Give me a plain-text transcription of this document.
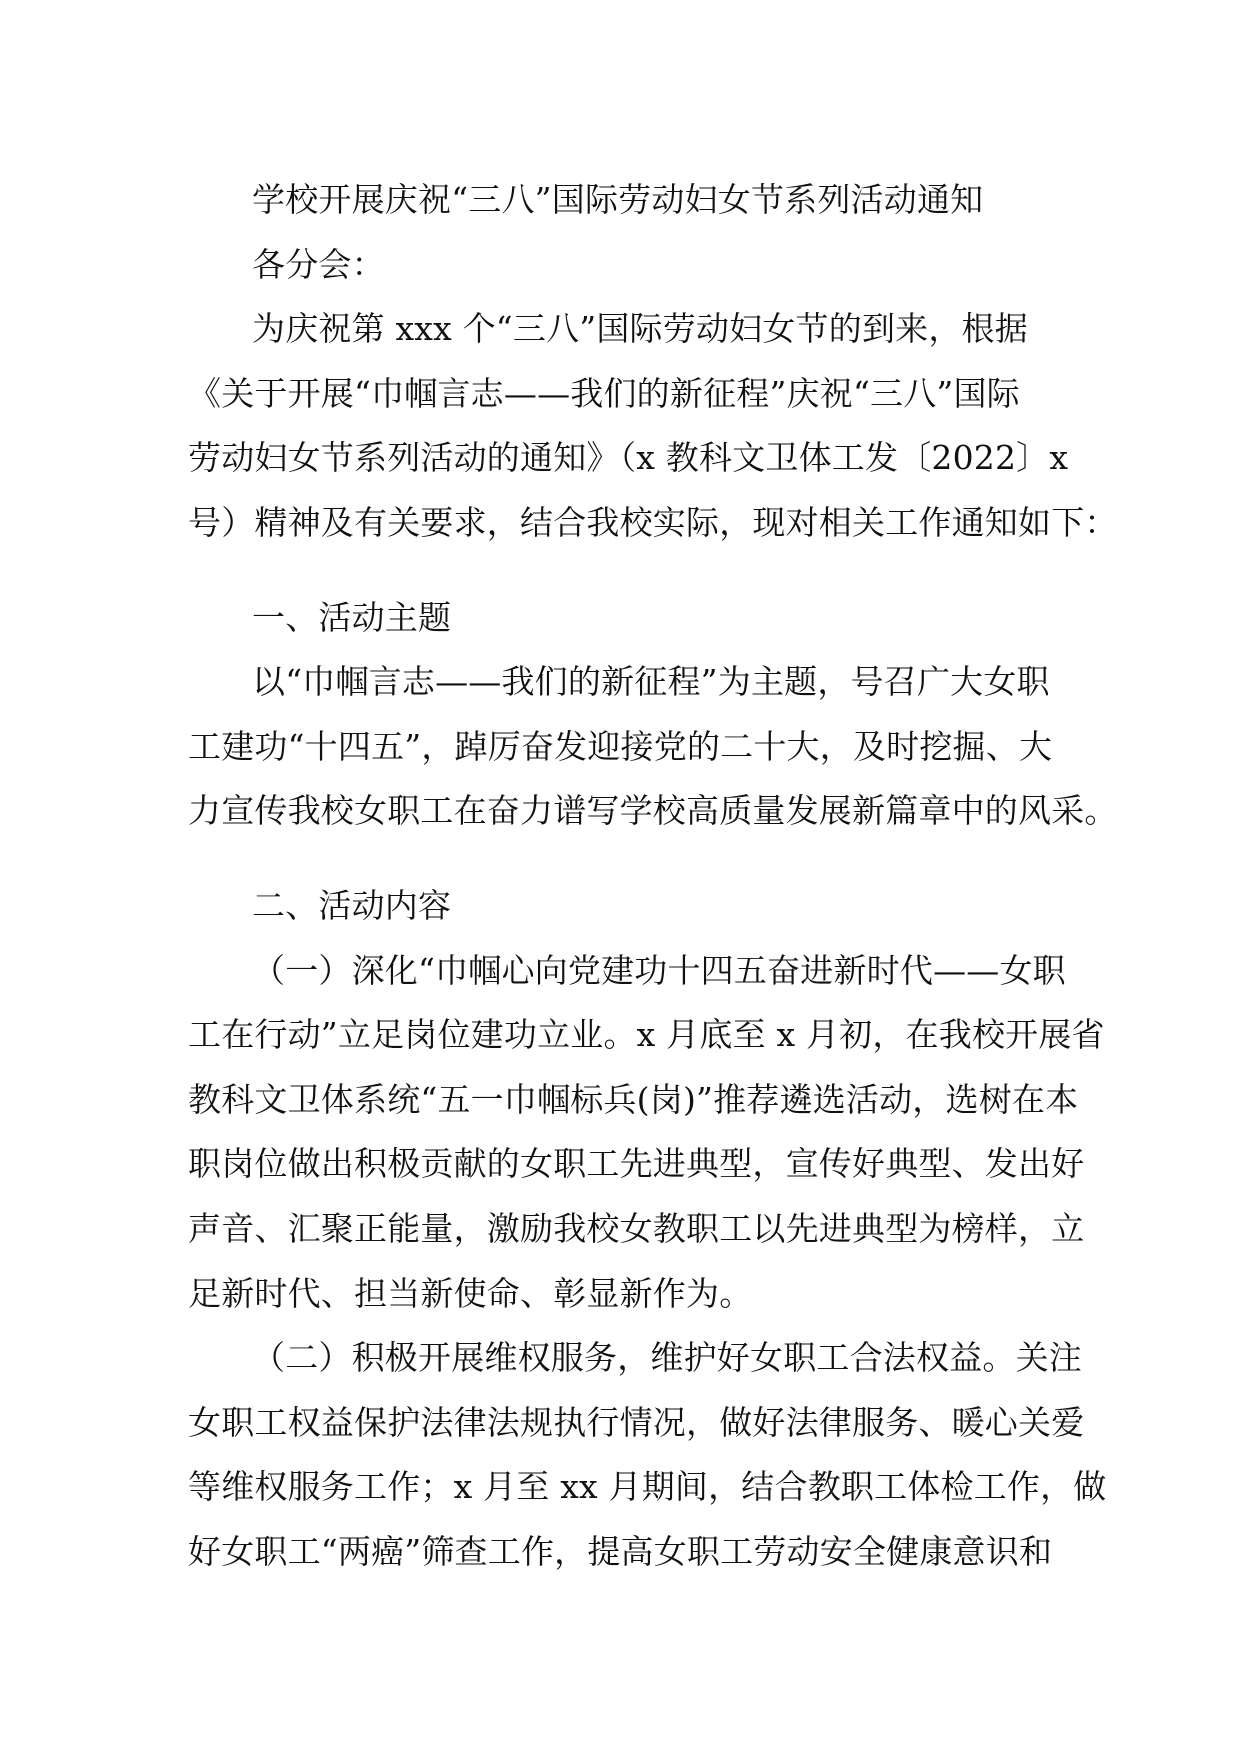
学校开展庆祝“三八”国际劳动妇女节系列活动通知
各分会：
为庆祝第 xxx 个“三八”国际劳动妇女节的到来，根据
《关于开展“巾帼言志——我们的新征程”庆祝“三八”国际
劳动妇女节系列活动的通知》（x 教科文卫体工发〔2022〕x
号）精神及有关要求，结合我校实际，现对相关工作通知如下：
一、活动主题
以“巾帼言志——我们的新征程”为主题，号召广大女职
工建功“十四五”，踔厉奋发迎接党的二十大，及时挖掘、大
力宣传我校女职工在奋力谱写学校高质量发展新篇章中的风采。
二、活动内容
（一）深化“巾帼心向党建功十四五奋进新时代——女职
工在行动”立足岗位建功立业。x 月底至 x 月初，在我校开展省
教科文卫体系统“五一巾帼标兵(岗)”推荐遴选活动，选树在本
职岗位做出积极贡献的女职工先进典型，宣传好典型、发出好
声音、汇聚正能量，激励我校女教职工以先进典型为榜样，立
足新时代、担当新使命、彰显新作为。
（二）积极开展维权服务，维护好女职工合法权益。关注
女职工权益保护法律法规执行情况，做好法律服务、暖心关爱
等维权服务工作；x 月至 xx 月期间，结合教职工体检工作，做
好女职工“两癌”筛查工作，提高女职工劳动安全健康意识和
